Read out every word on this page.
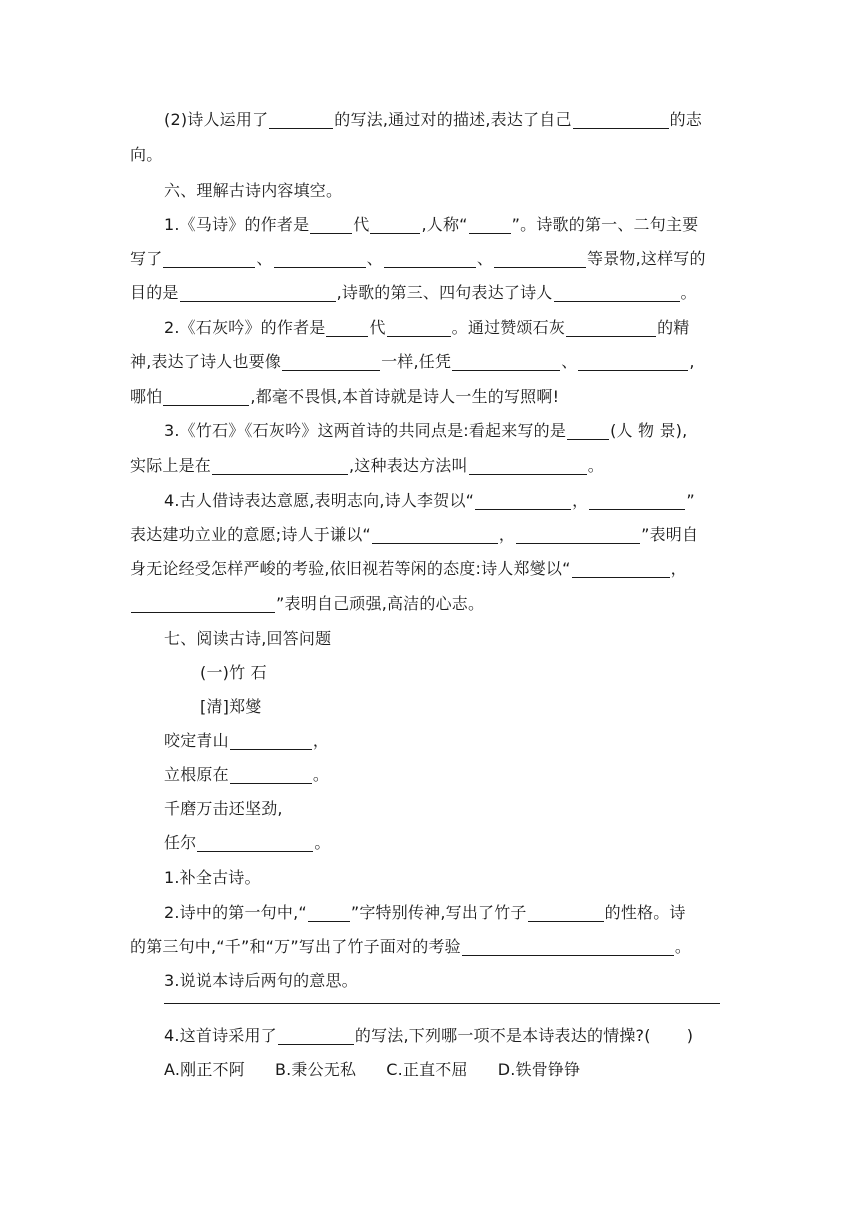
(2)诗人运用了	的写法,通过对的描述,表达了自己	的志
向。
六、理解古诗内容填空。
1.《马诗》的作者是	代	,人称“	”。诗歌的第一、二句主要
写了	、	、	、	等景物,这样写的
目的是	,诗歌的第三、四句表达了诗人	。
2.《石灰吟》的作者是	代	。通过赞颂石灰	的精
神,表达了诗人也要像	一样,任凭	、	,
哪怕	,都毫不畏惧,本首诗就是诗人一生的写照啊!
3.《竹石》《石灰吟》这两首诗的共同点是:看起来写的是	(人 物 景),
实际上是在	,这种表达方法叫	。
4.古人借诗表达意愿,表明志向,诗人李贺以“	，	”
表达建功立业的意愿;诗人于谦以“	，	”表明自
身无论经受怎样严峻的考验,依旧视若等闲的态度:诗人郑燮以“	，
”表明自己顽强,高洁的心志。
七、阅读古诗,回答问题
(一)竹 石
[清]郑燮
咬定青山	，
立根原在	。
千磨万击还坚劲,
任尔	。
1.补全古诗。
2.诗中的第一句中,“	”字特别传神,写出了竹子	的性格。诗
的第三句中,“千”和“万”写出了竹子面对的考验	。
3.说说本诗后两句的意思。
4.这首诗采用了	的写法,下列哪一项不是本诗表达的情操?( )
A.刚正不阿 B.秉公无私 C.正直不屈 D.铁骨铮铮
